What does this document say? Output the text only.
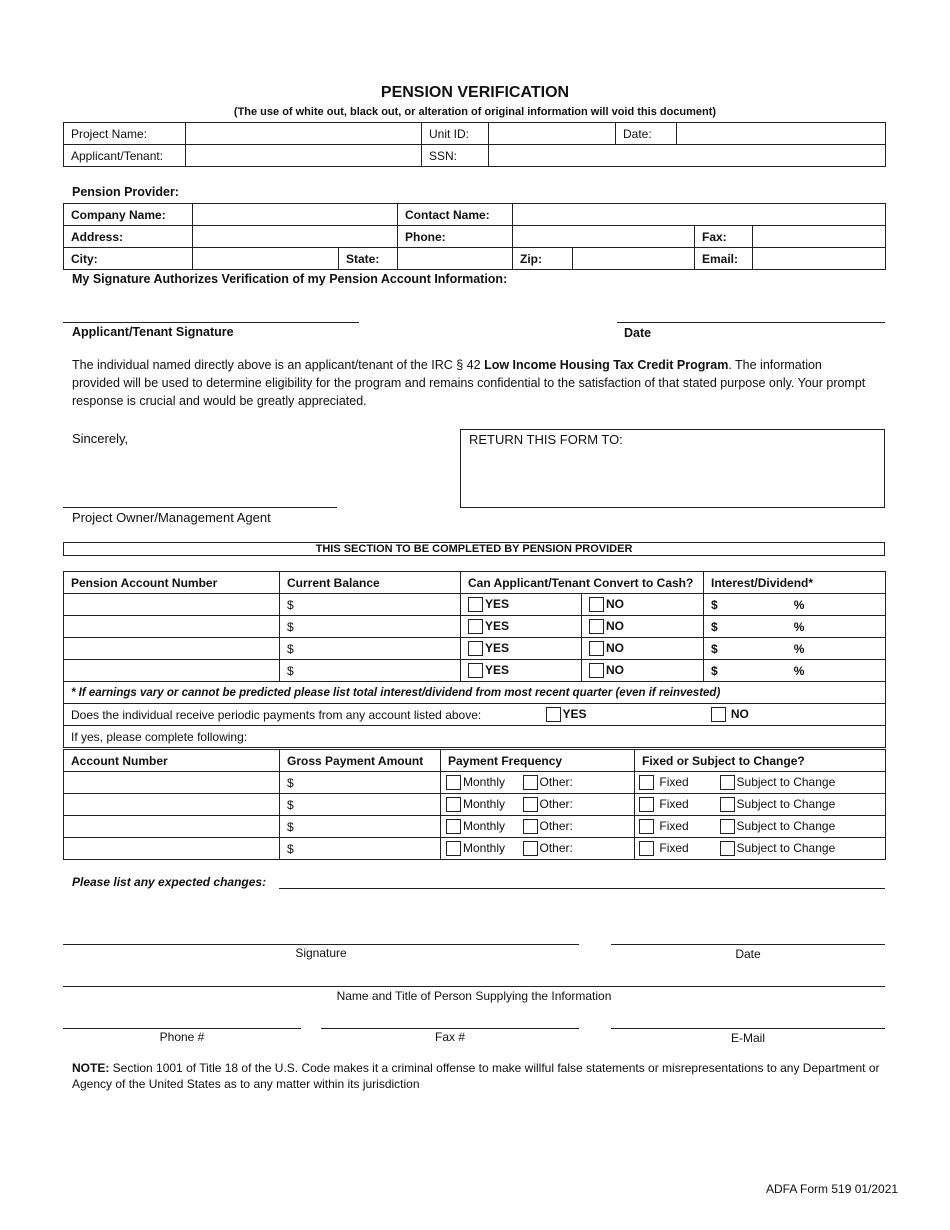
PENSION VERIFICATION
(The use of white out, black out, or alteration of original information will void this document)
Project Name:		Unit ID:		Date:	
Applicant/Tenant:		SSN:	
Pension Provider:
Company Name:			Contact Name:	
Address:			Phone:			Fax:	
City:		State:		Zip:		Email:	
My Signature Authorizes Verification of my Pension Account Information:
Applicant/Tenant Signature	Date
The individual named directly above is an applicant/tenant of the IRC § 42 Low Income Housing Tax Credit Program. The information provided will be used to determine eligibility for the program and remains confidential to the satisfaction of that stated purpose only. Your prompt response is crucial and would be greatly appreciated.
Sincerely,	RETURN THIS FORM TO:
Project Owner/Management Agent
THIS SECTION TO BE COMPLETED BY PENSION PROVIDER
Pension Account Number	Current Balance	Can Applicant/Tenant Convert to Cash?		Interest/Dividend*
	$	YES	NO	$ %
	$	YES	NO	$ %
	$	YES	NO	$ %
	$	YES	NO	$ %
* If earnings vary or cannot be predicted please list total interest/dividend from most recent quarter (even if reinvested)				
Does the individual receive periodic payments from any account listed above:			YES	NO
If yes, please complete following:				
Account Number	Gross Payment Amount	Payment Frequency		Fixed or Subject to Change?	
	$	Monthly	Other:	Fixed	Subject to Change
	$	Monthly	Other:	Fixed	Subject to Change
	$	Monthly	Other:	Fixed	Subject to Change
	$	Monthly	Other:	Fixed	Subject to Change
Please list any expected changes:
Signature	Date
Name and Title of Person Supplying the Information
Phone #	Fax #	E-Mail
NOTE: Section 1001 of Title 18 of the U.S. Code makes it a criminal offense to make willful false statements or misrepresentations to any Department or Agency of the United States as to any matter within its jurisdiction
ADFA Form 519 01/2021
